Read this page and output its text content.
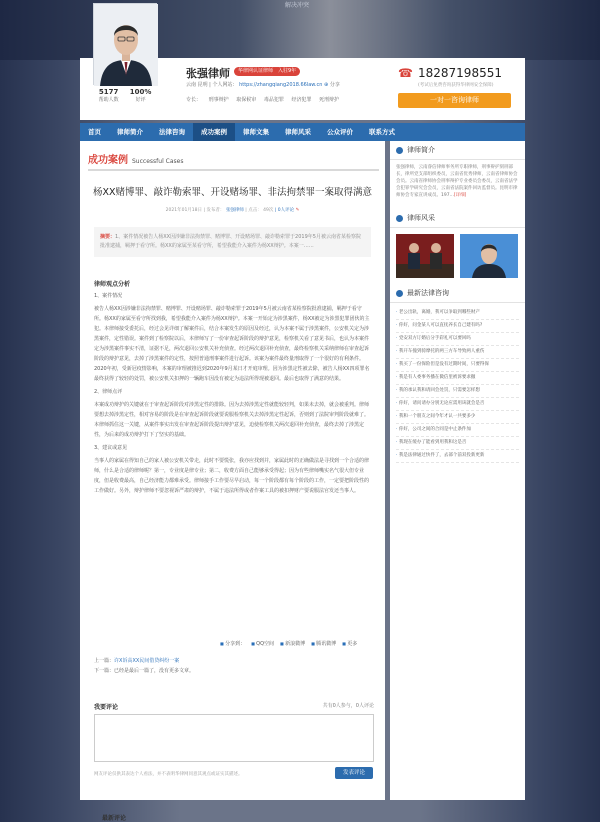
解决冲突
5177
帮助人数
100%
好评
张强律师	华律网认证律师　入驻9年
云南 昆明 | 个人网站： https://zhangqiang2018.66law.cn ⊕ 分享
专长： 刑事辩护 取保候审 毒品犯罪 经济犯罪 死刑辩护
☎ 18287198551
(考试后免费咨询获得华律网安全保障)
一对一咨询律师
首页	律师简介	法律咨询	成功案例	律师文集	律师风采	公众评价	联系方式
成功案例 Successful Cases
杨XX赌博罪、敲诈勒索罪、开设赌场罪、非法拘禁罪一案取得满意
2021年01月18日 | 发布者： 张强律师 | 点击： 49次 | 0人评论 ✎
摘要：1、案件情况被告人杨XX因涉嫌非法拘禁罪、赌博罪、开设赌场罪、敲诈勒索罪于2019年5月被云南省某检察院批准逮捕，羁押于看守所。杨XX的家属至某看守所，希望我能介入案件为杨XX辩护。本案一……
律师观点分析
1、案件情况
被告人杨XX因涉嫌非法拘禁罪、赌博罪、开设赌场罪、敲诈勒索罪于2019年5月被云南省某检察院批准逮捕，羁押于看守所。杨XX的家属至看守所找到我，希望我能介入案件为杨XX辩护。本案一开始定为涉黑案件，杨XX被定为涉黑犯罪团伙的主犯。本律师接受委托后，经过会见详细了解案件后，结合本案发生的原因及经过，认为本案不属于涉黑案件，公安机关定为涉黑案件，定性错误。案件到了检察院以后，本律师写了一份审查起诉阶段的辩护意见，检察机关看了意见书后，也认为本案件定为涉黑案件事实不清，证据不足，两次退回公安机关补充侦查。经过两次退回补充侦查，最终检察机关采纳律师在审查起诉阶段的辩护意见，去掉了涉黑案件的定性，按照普通刑事案件进行起诉。该案为案件最终量刑取得了一个很好的有利条件。2020年初，受新冠疫情影响，本案的审理被推迟到2020年9月某日才开庭审理。因为涉黑定性被去除，被告人杨XX四项罪名最终获得了较轻的处罚，被公安机关扣押的一辆跑车因没有被定为违法所得现被退回。最后也取得了满意的结果。
2、律师点评
本案成功辩护的关键就在于审查起诉阶段对涉黑定性的排除。因为去掉涉黑定性就能较轻判，如果未去掉，就会被重判。律师要想去掉涉黑定性，相对容易的阶段是在审查起诉阶段就要说服检察机关去掉涉黑定性起诉，否则到了法院审判阶段就难了。本律师抓住这一关键，从案件事实出发在审查起诉阶段提出辩护意见，迫使检察机关两次退回补充侦查，最终去掉了涉黑定性，为后来的成功辩护打下了坚实的基础。
3、建议或意见
当事人的家属在得知自己的家人被公安机关带走，此时不要慌张，我亦应找到并，家属此时的正确做法是寻找到一个合适的律师，什么是合适的律师呢？第一，专业度是律专业；第二，收费方面自己能够承受得起；因为有些律师嘴实名气很大但专业度，但是收费最高，自己经济能力都难承受。律师接手工作要尽早启动，每一个阶段都有每个阶段的工作，一定要把阶段性的工作做好。另外，辩护律师不要忽视诉严肃的辩护，不属于违法所得或者作案工具的被扣押财产要说服法官发还当事人。
■ 分享到：	■ QQ空间	■ 新浪微博	■ 腾讯微博	■ 更多
上一篇：许X诉高XX民间借贷纠纷一案
下一篇：已经是最后一篇了，没有更多文章。
我要评论	共有0人参与，0人评论
网友评论仅供其表达个人看法，并不表明华律网同意其观点或证实其描述。	发表评论
最新评论
律师简介
张强律师，云南睿信律师事务所专职律师，刑事辩护刻刑部长，律所党支部组织委员，云南省优秀律师，云南省律师协会会员。云南省律师协会刑事辩护专业委员会委员，云南省法学会犯罪学研究会会员，云南省法院案件回访监督员。昆明市律师协会专家宣讲成员。197...[详细]
律师风采
最新法律咨询
· 老公出轨，离婚，我可以争取到哪些财产
· 你好，问金某人可以直抚养长自己建有吗?
· 党安双方订婚后分手彩礼可以要回吗
· 我开车撞到骑摩托的两三方车导致两人重伤
· 我买了一份保险但是没有过期时间，只要得保
· 我是有人委事务播在微信里被诉要求撤
· 我的承认我和请回会处罚，只需要怎样想
· 你好，请问请办分别无论应需用该就会是否
· 我和一个朋友之间今年才认一共要多少
· 你好，公司之间的合同是中止条件加
· 我现在缓办了能看到用我和这是否
· 我是法律通过快件了，去部个前双投新更新
